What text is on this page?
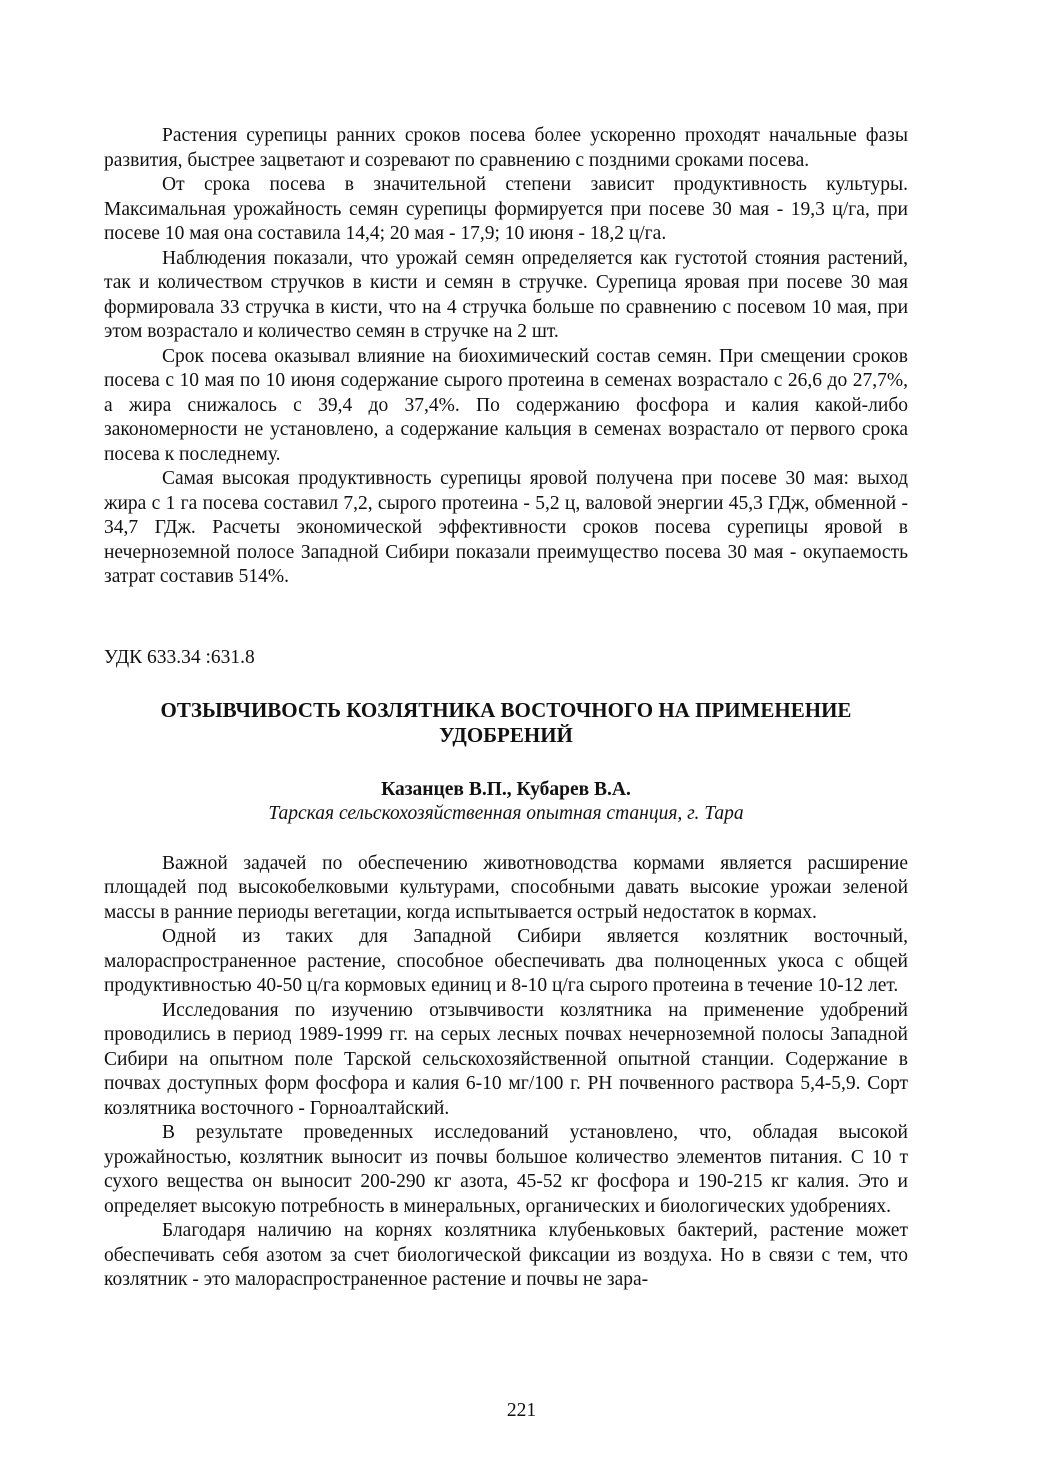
Растения сурепицы ранних сроков посева более ускоренно проходят начальные фазы развития, быстрее зацветают и созревают по сравнению с поздними сроками посева.

От срока посева в значительной степени зависит продуктивность культуры. Максимальная урожайность семян сурепицы формируется при посеве 30 мая - 19,3 ц/га, при посеве 10 мая она составила 14,4; 20 мая - 17,9; 10 июня - 18,2 ц/га.

Наблюдения показали, что урожай семян определяется как густотой стояния растений, так и количеством стручков в кисти и семян в стручке. Сурепица яровая при посеве 30 мая формировала 33 стручка в кисти, что на 4 стручка больше по сравнению с посевом 10 мая, при этом возрастало и количество семян в стручке на 2 шт.

Срок посева оказывал влияние на биохимический состав семян. При смещении сроков посева с 10 мая по 10 июня содержание сырого протеина в семенах возрастало с 26,6 до 27,7%, а жира снижалось с 39,4 до 37,4%. По содержанию фосфора и калия какой-либо закономерности не установлено, а содержание кальция в семенах возрастало от первого срока посева к последнему.

Самая высокая продуктивность сурепицы яровой получена при посеве 30 мая: выход жира с 1 га посева составил 7,2, сырого протеина - 5,2 ц, валовой энергии 45,3 ГДж, обменной - 34,7 ГДж. Расчеты экономической эффективности сроков посева сурепицы яровой в нечерноземной полосе Западной Сибири показали преимущество посева 30 мая - окупаемость затрат составив 514%.

УДК 633.34 :631.8

ОТЗЫВЧИВОСТЬ КОЗЛЯТНИКА ВОСТОЧНОГО НА ПРИМЕНЕНИЕ УДОБРЕНИЙ

Казанцев В.П., Кубарев В.А.

Тарская сельскохозяйственная опытная станция, г. Тара

Важной задачей по обеспечению животноводства кормами является расширение площадей под высокобелковыми культурами, способными давать высокие урожаи зеленой массы в ранние периоды вегетации, когда испытывается острый недостаток в кормах.

Одной из таких для Западной Сибири является козлятник восточный, малораспространенное растение, способное обеспечивать два полноценных укоса с общей продуктивностью 40-50 ц/га кормовых единиц и 8-10 ц/га сырого протеина в течение 10-12 лет.

Исследования по изучению отзывчивости козлятника на применение удобрений проводились в период 1989-1999 гг. на серых лесных почвах нечерноземной полосы Западной Сибири на опытном поле Тарской сельскохозяйственной опытной станции. Содержание в почвах доступных форм фосфора и калия 6-10 мг/100 г. РН почвенного раствора 5,4-5,9. Сорт козлятника восточного - Горноалтайский.

В результате проведенных исследований установлено, что, обладая высокой урожайностью, козлятник выносит из почвы большое количество элементов питания. С 10 т сухого вещества он выносит 200-290 кг азота, 45-52 кг фосфора и 190-215 кг калия. Это и определяет высокую потребность в минеральных, органических и биологических удобрениях.

Благодаря наличию на корнях козлятника клубеньковых бактерий, растение может обеспечивать себя азотом за счет биологической фиксации из воздуха. Но в связи с тем, что козлятник - это малораспространенное растение и почвы не зара-

221
